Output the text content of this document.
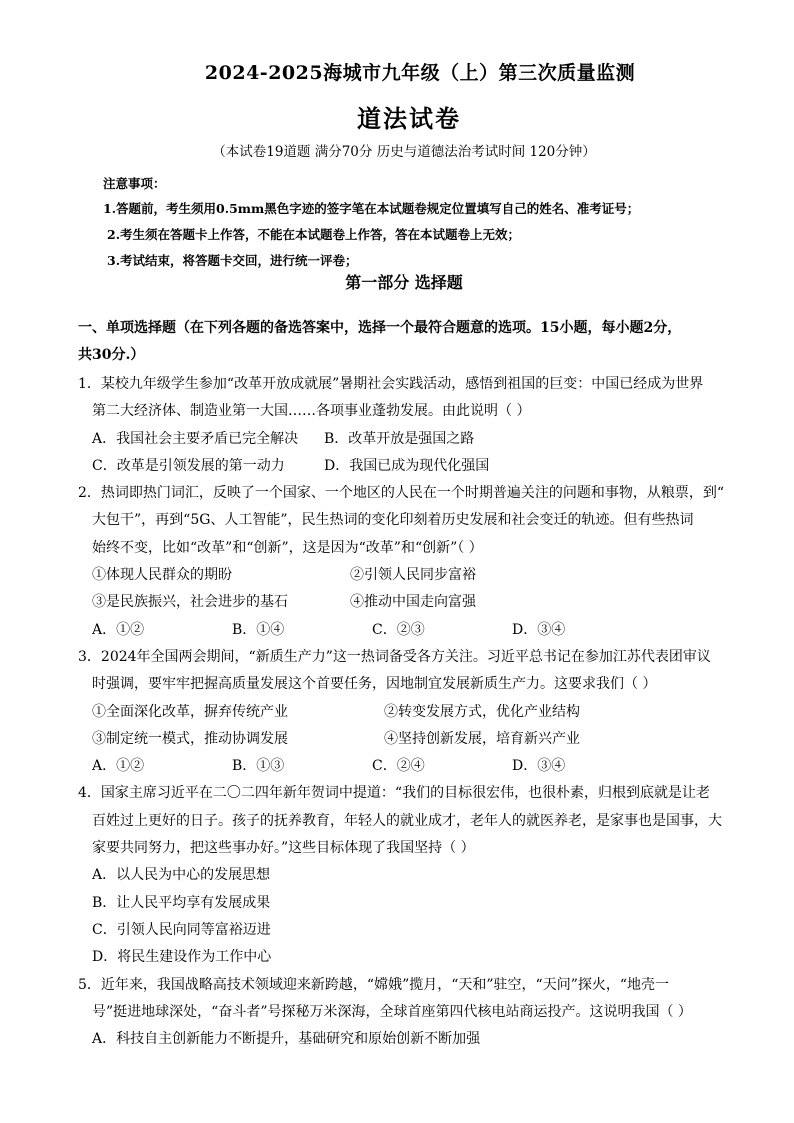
2024-2025海城市九年级（上）第三次质量监测
道法试卷
（本试卷19道题 满分70分 历史与道德法治考试时间 120分钟）
注意事项：
1.答题前，考生须用0.5mm黑色字迹的签字笔在本试题卷规定位置填写自己的姓名、准考证号；
2.考生须在答题卡上作答，不能在本试题卷上作答，答在本试题卷上无效；
3.考试结束，将答题卡交回，进行统一评卷；
第一部分 选择题
一、单项选择题（在下列各题的备选答案中，选择一个最符合题意的选项。15小题，每小题2分，
共30分.）
1．某校九年级学生参加“改革开放成就展”暑期社会实践活动，感悟到祖国的巨变：中国已经成为世界
第二大经济体、制造业第一大国……各项事业蓬勃发展。由此说明（ ）
A．我国社会主要矛盾已完全解决	B．改革开放是强国之路
C．改革是引领发展的第一动力	D．我国已成为现代化强国
2．热词即热门词汇，反映了一个国家、一个地区的人民在一个时期普遍关注的问题和事物，从粮票，到“
大包干”，再到“5G、人工智能”，民生热词的变化印刻着历史发展和社会变迁的轨迹。但有些热词
始终不变，比如“改革”和“创新”，这是因为“改革”和“创新”（ ）
①体现人民群众的期盼	②引领人民同步富裕
③是民族振兴，社会进步的基石	④推动中国走向富强
A．①②	B．①④	C．②③	D．③④
3．2024年全国两会期间，“新质生产力”这一热词备受各方关注。习近平总书记在参加江苏代表团审议
时强调，要牢牢把握高质量发展这个首要任务，因地制宜发展新质生产力。这要求我们（ ）
①全面深化改革，摒弃传统产业	②转变发展方式，优化产业结构
③制定统一模式，推动协调发展	④坚持创新发展，培育新兴产业
A．①②	B．①③	C．②④	D．③④
4．国家主席习近平在二〇二四年新年贺词中提道：“我们的目标很宏伟，也很朴素，归根到底就是让老
百姓过上更好的日子。孩子的抚养教育，年轻人的就业成才，老年人的就医养老，是家事也是国事，大
家要共同努力，把这些事办好。”这些目标体现了我国坚持（ ）
A．以人民为中心的发展思想
B．让人民平均享有发展成果
C．引领人民向同等富裕迈进
D．将民生建设作为工作中心
5．近年来，我国战略高技术领域迎来新跨越，“嫦娥”揽月，“天和”驻空，“天问”探火，“地壳一
号”挺进地球深处，“奋斗者”号探秘万米深海，全球首座第四代核电站商运投产。这说明我国（ ）
A．科技自主创新能力不断提升，基础研究和原始创新不断加强
